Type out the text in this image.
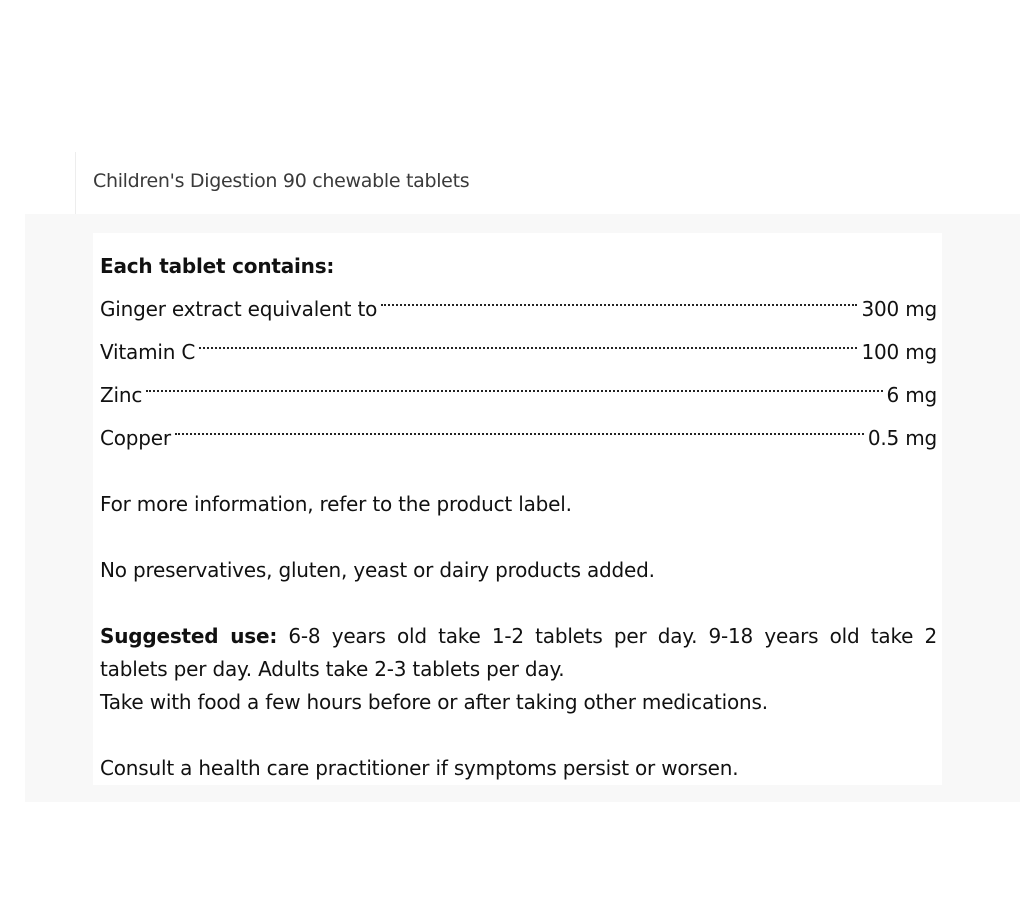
Children's Digestion 90 chewable tablets

Each tablet contains:

Ginger extract equivalent to	300 mg
Vitamin C	100 mg
Zinc	6 mg
Copper	0.5 mg

For more information, refer to the product label.

No preservatives, gluten, yeast or dairy products added.

Suggested use: 6-8 years old take 1-2 tablets per day. 9-18 years old take 2 tablets per day. Adults take 2-3 tablets per day.

Take with food a few hours before or after taking other medications.

Consult a health care practitioner if symptoms persist or worsen.
